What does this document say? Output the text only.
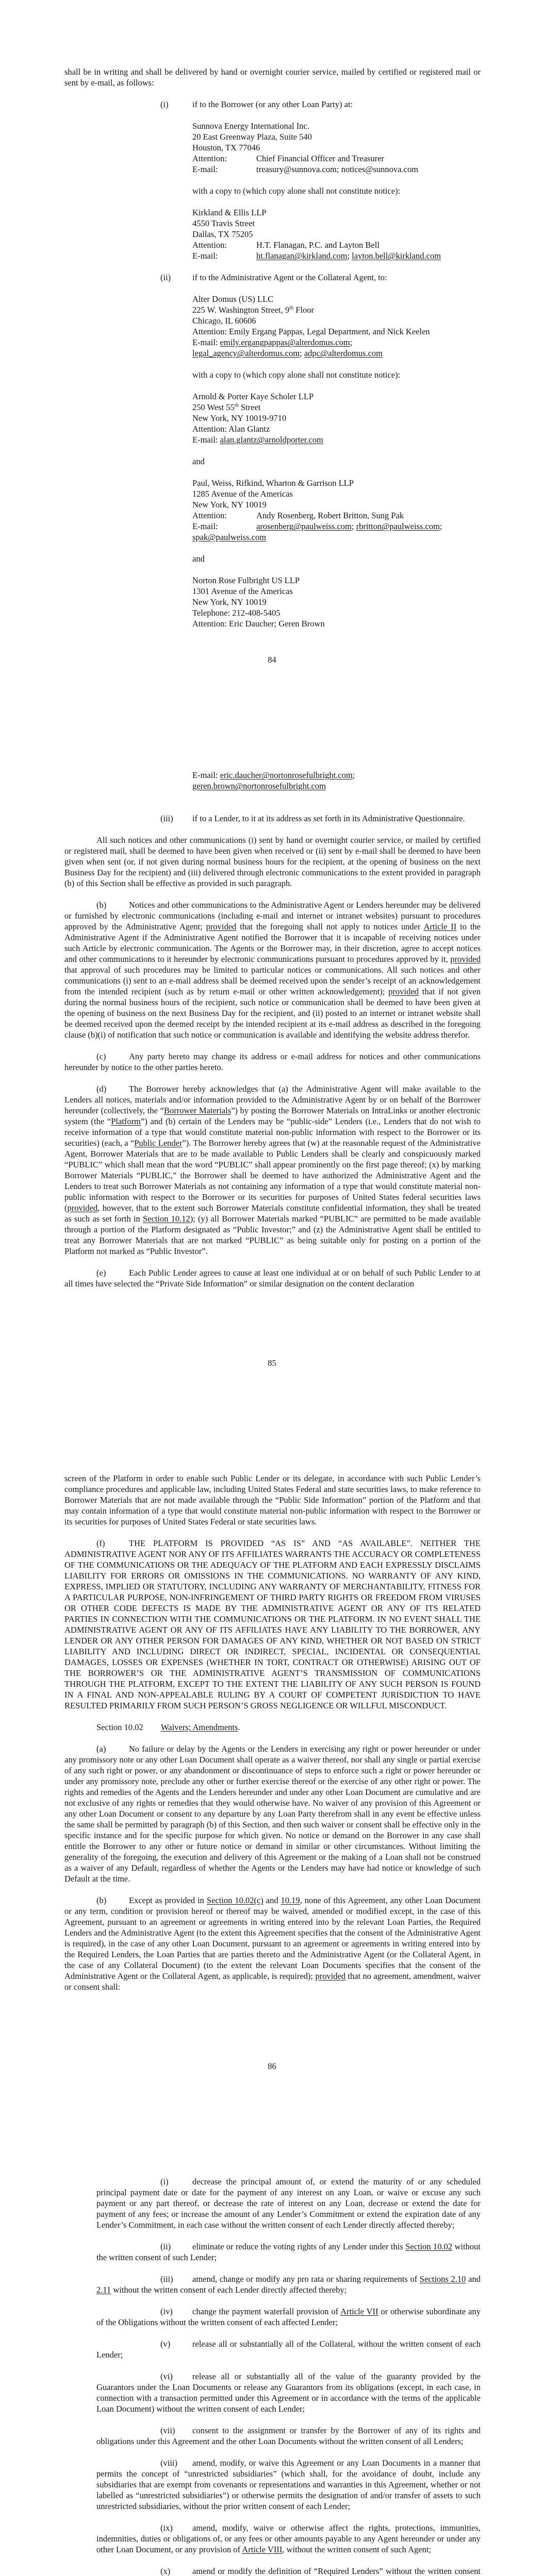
shall be in writing and shall be delivered by hand or overnight courier service, mailed by certified or registered mail or sent by e-mail, as follows:

(i)	if to the Borrower (or any other Loan Party) at:

Sunnova Energy International Inc.
20 East Greenway Plaza, Suite 540
Houston, TX 77046
Attention:	Chief Financial Officer and Treasurer
E-mail:	treasury@sunnova.com; notices@sunnova.com

with a copy to (which copy alone shall not constitute notice):

Kirkland & Ellis LLP
4550 Travis Street
Dallas, TX 75205
Attention:	H.T. Flanagan, P.C. and Layton Bell
E-mail:	ht.flanagan@kirkland.com; layton.bell@kirkland.com

(ii)	if to the Administrative Agent or the Collateral Agent, to:

Alter Domus (US) LLC
225 W. Washington Street, 9th Floor
Chicago, IL 60606
Attention: Emily Ergang Pappas, Legal Department, and Nick Keelen
E-mail: emily.ergangpappas@alterdomus.com;
legal_agency@alterdomus.com; adpc@alterdomus.com

with a copy to (which copy alone shall not constitute notice):

Arnold & Porter Kaye Scholer LLP
250 West 55th Street
New York, NY 10019-9710
Attention: Alan Glantz
E-mail: alan.glantz@arnoldporter.com

and

Paul, Weiss, Rifkind, Wharton & Garrison LLP
1285 Avenue of the Americas
New York, NY 10019
Attention:	Andy Rosenberg, Robert Britton, Sung Pak
E-mail:	arosenberg@paulweiss.com; rbritton@paulweiss.com;
spak@paulweiss.com

and

Norton Rose Fulbright US LLP
1301 Avenue of the Americas
New York, NY 10019
Telephone: 212-408-5405
Attention: Eric Daucher; Geren Brown
84
E-mail: eric.daucher@nortonrosefulbright.com;
geren.brown@nortonrosefulbright.com

(iii) if to a Lender, to it at its address as set forth in its Administrative Questionnaire.

All such notices and other communications (i) sent by hand or overnight courier service, or mailed by certified or registered mail, shall be deemed to have been given when received or (ii) sent by e-mail shall be deemed to have been given when sent (or, if not given during normal business hours for the recipient, at the opening of business on the next Business Day for the recipient) and (iii) delivered through electronic communications to the extent provided in paragraph (b) of this Section shall be effective as provided in such paragraph.

(b)	Notices and other communications to the Administrative Agent or Lenders hereunder may be delivered or furnished by electronic communications (including e-mail and internet or intranet websites) pursuant to procedures approved by the Administrative Agent; provided that the foregoing shall not apply to notices under Article II to the Administrative Agent if the Administrative Agent notified the Borrower that it is incapable of receiving notices under such Article by electronic communication. The Agents or the Borrower may, in their discretion, agree to accept notices and other communications to it hereunder by electronic communications pursuant to procedures approved by it, provided that approval of such procedures may be limited to particular notices or communications. All such notices and other communications (i) sent to an e-mail address shall be deemed received upon the sender’s receipt of an acknowledgement from the intended recipient (such as by return e-mail or other written acknowledgement); provided that if not given during the normal business hours of the recipient, such notice or communication shall be deemed to have been given at the opening of business on the next Business Day for the recipient, and (ii) posted to an internet or intranet website shall be deemed received upon the deemed receipt by the intended recipient at its e-mail address as described in the foregoing clause (b)(i) of notification that such notice or communication is available and identifying the website address therefor.

(c)	Any party hereto may change its address or e-mail address for notices and other communications hereunder by notice to the other parties hereto.

(d)	The Borrower hereby acknowledges that (a) the Administrative Agent will make available to the Lenders all notices, materials and/or information provided to the Administrative Agent by or on behalf of the Borrower hereunder (collectively, the “Borrower Materials”) by posting the Borrower Materials on IntraLinks or another electronic system (the “Platform”) and (b) certain of the Lenders may be “public-side” Lenders (i.e., Lenders that do not wish to receive information of a type that would constitute material non-public information with respect to the Borrower or its securities) (each, a “Public Lender”). The Borrower hereby agrees that (w) at the reasonable request of the Administrative Agent, Borrower Materials that are to be made available to Public Lenders shall be clearly and conspicuously marked “PUBLIC” which shall mean that the word “PUBLIC” shall appear prominently on the first page thereof; (x) by marking Borrower Materials “PUBLIC,” the Borrower shall be deemed to have authorized the Administrative Agent and the Lenders to treat such Borrower Materials as not containing any information of a type that would constitute material non-public information with respect to the Borrower or its securities for purposes of United States federal securities laws (provided, however, that to the extent such Borrower Materials constitute confidential information, they shall be treated as such as set forth in Section 10.12); (y) all Borrower Materials marked “PUBLIC” are permitted to be made available through a portion of the Platform designated as “Public Investor;” and (z) the Administrative Agent shall be entitled to treat any Borrower Materials that are not marked “PUBLIC” as being suitable only for posting on a portion of the Platform not marked as “Public Investor”.

(e)	Each Public Lender agrees to cause at least one individual at or on behalf of such Public Lender to at all times have selected the “Private Side Information” or similar designation on the content declaration

85

screen of the Platform in order to enable such Public Lender or its delegate, in accordance with such Public Lender’s compliance procedures and applicable law, including United States Federal and state securities laws, to make reference to Borrower Materials that are not made available through the “Public Side Information” portion of the Platform and that may contain information of a type that would constitute material non-public information with respect to the Borrower or its securities for purposes of United States Federal or state securities laws.

(f)	THE PLATFORM IS PROVIDED “AS IS” AND “AS AVAILABLE”. NEITHER THE ADMINISTRATIVE AGENT NOR ANY OF ITS AFFILIATES WARRANTS THE ACCURACY OR COMPLETENESS OF THE COMMUNICATIONS OR THE ADEQUACY OF THE PLATFORM AND EACH EXPRESSLY DISCLAIMS LIABILITY FOR ERRORS OR OMISSIONS IN THE COMMUNICATIONS. NO WARRANTY OF ANY KIND, EXPRESS, IMPLIED OR STATUTORY, INCLUDING ANY WARRANTY OF MERCHANTABILITY, FITNESS FOR A PARTICULAR PURPOSE, NON-INFRINGEMENT OF THIRD PARTY RIGHTS OR FREEDOM FROM VIRUSES OR OTHER CODE DEFECTS IS MADE BY THE ADMINISTRATIVE AGENT OR ANY OF ITS RELATED PARTIES IN CONNECTION WITH THE COMMUNICATIONS OR THE PLATFORM. IN NO EVENT SHALL THE ADMINISTRATIVE AGENT OR ANY OF ITS AFFILIATES HAVE ANY LIABILITY TO THE BORROWER, ANY LENDER OR ANY OTHER PERSON FOR DAMAGES OF ANY KIND, WHETHER OR NOT BASED ON STRICT LIABILITY AND INCLUDING DIRECT OR INDIRECT, SPECIAL, INCIDENTAL OR CONSEQUENTIAL DAMAGES, LOSSES OR EXPENSES (WHETHER IN TORT, CONTRACT OR OTHERWISE) ARISING OUT OF THE BORROWER’S OR THE ADMINISTRATIVE AGENT’S TRANSMISSION OF COMMUNICATIONS THROUGH THE PLATFORM, EXCEPT TO THE EXTENT THE LIABILITY OF ANY SUCH PERSON IS FOUND IN A FINAL AND NON-APPEALABLE RULING BY A COURT OF COMPETENT JURISDICTION TO HAVE RESULTED PRIMARILY FROM SUCH PERSON’S GROSS NEGLIGENCE OR WILLFUL MISCONDUCT.

Section 10.02 Waivers; Amendments.

(a)	No failure or delay by the Agents or the Lenders in exercising any right or power hereunder or under any promissory note or any other Loan Document shall operate as a waiver thereof, nor shall any single or partial exercise of any such right or power, or any abandonment or discontinuance of steps to enforce such a right or power hereunder or under any promissory note, preclude any other or further exercise thereof or the exercise of any other right or power. The rights and remedies of the Agents and the Lenders hereunder and under any other Loan Document are cumulative and are not exclusive of any rights or remedies that they would otherwise have. No waiver of any provision of this Agreement or any other Loan Document or consent to any departure by any Loan Party therefrom shall in any event be effective unless the same shall be permitted by paragraph (b) of this Section, and then such waiver or consent shall be effective only in the specific instance and for the specific purpose for which given. No notice or demand on the Borrower in any case shall entitle the Borrower to any other or future notice or demand in similar or other circumstances. Without limiting the generality of the foregoing, the execution and delivery of this Agreement or the making of a Loan shall not be construed as a waiver of any Default, regardless of whether the Agents or the Lenders may have had notice or knowledge of such Default at the time.

(b)	Except as provided in Section 10.02(c) and 10.19, none of this Agreement, any other Loan Document or any term, condition or provision hereof or thereof may be waived, amended or modified except, in the case of this Agreement, pursuant to an agreement or agreements in writing entered into by the relevant Loan Parties, the Required Lenders and the Administrative Agent (to the extent this Agreement specifies that the consent of the Administrative Agent is required), in the case of any other Loan Document, pursuant to an agreement or agreements in writing entered into by the Required Lenders, the Loan Parties that are parties thereto and the Administrative Agent (or the Collateral Agent, in the case of any Collateral Document) (to the extent the relevant Loan Documents specifies that the consent of the Administrative Agent or the Collateral Agent, as applicable, is required); provided that no agreement, amendment, waiver or consent shall:

86

(i)	decrease the principal amount of, or extend the maturity of or any scheduled principal payment date or date for the payment of any interest on any Loan, or waive or excuse any such payment or any part thereof, or decrease the rate of interest on any Loan, decrease or extend the date for payment of any fees; or increase the amount of any Lender’s Commitment or extend the expiration date of any Lender’s Commitment, in each case without the written consent of each Lender directly affected thereby;

(ii)	eliminate or reduce the voting rights of any Lender under this Section 10.02 without the written consent of such Lender;

(iii) amend, change or modify any pro rata or sharing requirements of Sections 2.10 and 2.11 without the written consent of each Lender directly affected thereby;

(iv) change the payment waterfall provision of Article VII or otherwise subordinate any of the Obligations without the written consent of each affected Lender;

(v)	release all or substantially all of the Collateral, without the written consent of each Lender;

(vi) release all or substantially all of the value of the guaranty provided by the Guarantors under the Loan Documents or release any Guarantors from its obligations (except, in each case, in connection with a transaction permitted under this Agreement or in accordance with the terms of the applicable Loan Document) without the written consent of each Lender;

(vii) consent to the assignment or transfer by the Borrower of any of its rights and obligations under this Agreement and the other Loan Documents without the written consent of all Lenders;

(viii) amend, modify, or waive this Agreement or any Loan Documents in a manner that permits the concept of “unrestricted subsidiaries” (which shall, for the avoidance of doubt, include any subsidiaries that are exempt from covenants or representations and warranties in this Agreement, whether or not labelled as “unrestricted subsidiaries”) or otherwise permits the designation of and/or transfer of assets to such unrestricted subsidiaries, without the prior written consent of each Lender;

(ix) amend, modify, waive or otherwise affect the rights, protections, immunities, indemnities, duties or obligations of, or any fees or other amounts payable to any Agent hereunder or under any other Loan Document, or any provision of Article VIII, without the written consent of such Agent;

(x)	amend or modify the definition of “Required Lenders” without the written consent
